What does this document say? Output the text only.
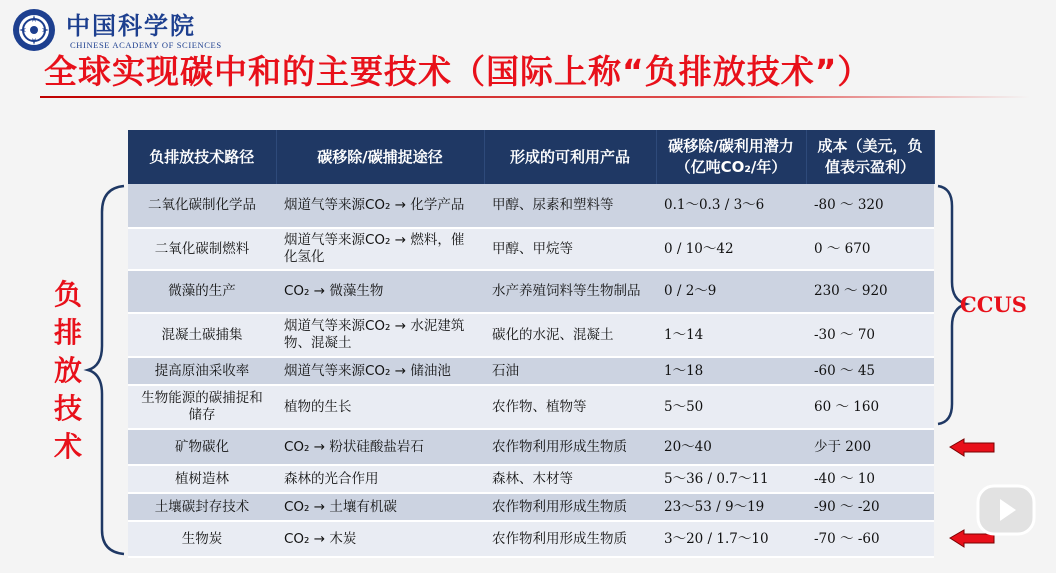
中国科学院
CHINESE ACADEMY OF SCIENCES
全球实现碳中和的主要技术（国际上称“负排放技术”）
负排放技术路径	碳移除/碳捕捉途径	形成的可利用产品	碳移除/碳利用潜力（亿吨CO₂/年）	成本（美元，负值表示盈利）
二氧化碳制化学品	烟道气等来源CO₂ → 化学产品	甲醇、尿素和塑料等	0.1～0.3 / 3～6	-80 ～ 320
二氧化碳制燃料	烟道气等来源CO₂ → 燃料，催化氢化	甲醇、甲烷等	0 / 10～42	0 ～ 670
微藻的生产	CO₂ → 微藻生物	水产养殖饲料等生物制品	0 / 2～9	230 ～ 920
混凝土碳捕集	烟道气等来源CO₂ → 水泥建筑物、混凝土	碳化的水泥、混凝土	1～14	-30 ～ 70
提高原油采收率	烟道气等来源CO₂ → 储油池	石油	1～18	-60 ～ 45
生物能源的碳捕捉和储存	植物的生长	农作物、植物等	5～50	60 ～ 160
矿物碳化	CO₂ → 粉状硅酸盐岩石	农作物利用形成生物质	20～40	少于 200
植树造林	森林的光合作用	森林、木材等	5～36 / 0.7～11	-40 ～ 10
土壤碳封存技术	CO₂ → 土壤有机碳	农作物利用形成生物质	23～53 / 9～19	-90 ～ -20
生物炭	CO₂ → 木炭	农作物利用形成生物质	3～20 / 1.7～10	-70 ～ -60
负排放技术
CCUS
